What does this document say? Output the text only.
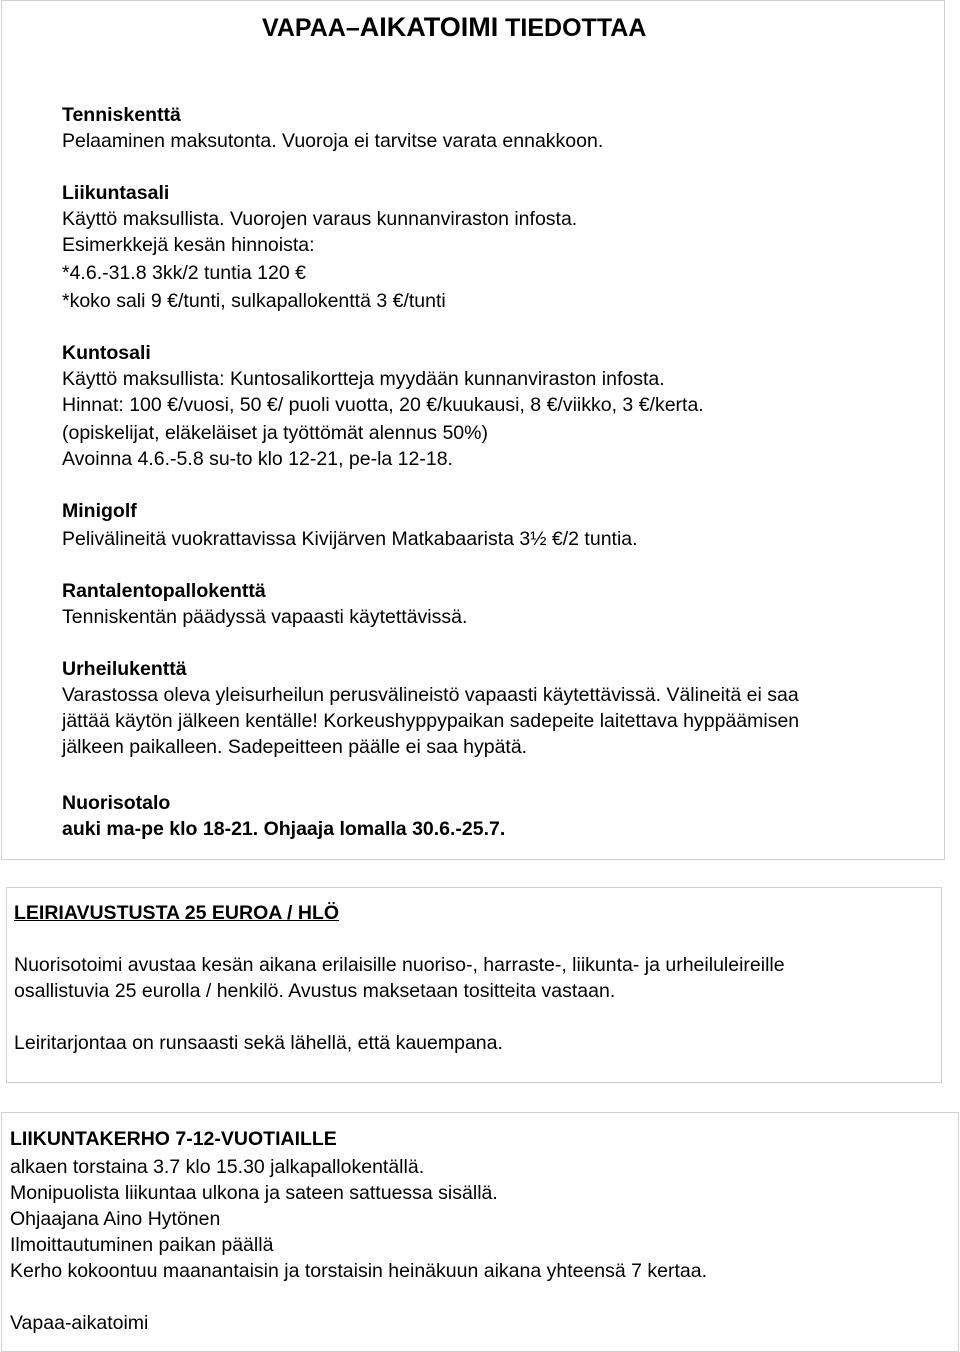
VAPAA–AIKATOIMI TIEDOTTAA
Tenniskenttä
Pelaaminen maksutonta. Vuoroja ei tarvitse varata ennakkoon.
Liikuntasali
Käyttö maksullista. Vuorojen varaus kunnanviraston infosta.
Esimerkkejä kesän hinnoista:
*4.6.-31.8 3kk/2 tuntia 120 €
*koko sali 9 €/tunti, sulkapallokenttä 3 €/tunti
Kuntosali
Käyttö maksullista: Kuntosalikortteja myydään kunnanviraston infosta.
Hinnat: 100 €/vuosi, 50 €/ puoli vuotta, 20 €/kuukausi, 8 €/viikko, 3 €/kerta.
(opiskelijat, eläkeläiset ja työttömät alennus 50%)
Avoinna 4.6.-5.8 su-to klo 12-21, pe-la 12-18.
Minigolf
Pelivälineitä vuokrattavissa Kivijärven Matkabaarista 3½ €/2 tuntia.
Rantalentopallokenttä
Tenniskentän päädyssä vapaasti käytettävissä.
Urheilukenttä
Varastossa oleva yleisurheilun perusvälineistö vapaasti käytettävissä. Välineitä ei saa
jättää käytön jälkeen kentälle! Korkeushyppypaikan sadepeite laitettava hyppäämisen
jälkeen paikalleen. Sadepeitteen päälle ei saa hypätä.
Nuorisotalo
auki ma-pe klo 18-21. Ohjaaja lomalla 30.6.-25.7.
LEIRIAVUSTUSTA 25 EUROA / HLÖ
Nuorisotoimi avustaa kesän aikana erilaisille nuoriso-, harraste-, liikunta- ja urheiluleireille
osallistuvia 25 eurolla / henkilö. Avustus maksetaan tositteita vastaan.
Leiritarjontaa on runsaasti sekä lähellä, että kauempana.
LIIKUNTAKERHO 7-12-VUOTIAILLE
alkaen torstaina 3.7 klo 15.30 jalkapallokentällä.
Monipuolista liikuntaa ulkona ja sateen sattuessa sisällä.
Ohjaajana Aino Hytönen
Ilmoittautuminen paikan päällä
Kerho kokoontuu maanantaisin ja torstaisin heinäkuun aikana yhteensä 7 kertaa.
Vapaa-aikatoimi
